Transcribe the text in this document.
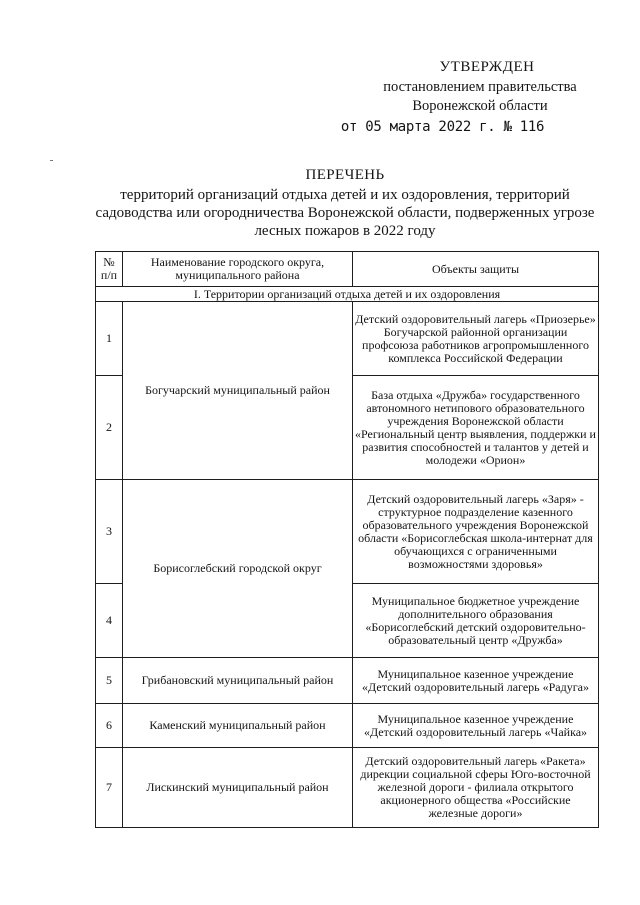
УТВЕРЖДЕН
постановлением правительства
Воронежской области
от 05 марта 2022 г. № 116
ПЕРЕЧЕНЬ
территорий организаций отдыха детей и их оздоровления, территорий садоводства или огородничества Воронежской области, подверженных угрозе лесных пожаров в 2022 году
№ п/п	Наименование городского округа, муниципального района	Объекты защиты
I. Территории организаций отдыха детей и их оздоровления		
1	Богучарский муниципальный район	Детский оздоровительный лагерь «Приозерье» Богучарской районной организации профсоюза работников агропромышленного комплекса Российской Федерации
2		База отдыха «Дружба» государственного автономного нетипового образовательного учреждения Воронежской области «Региональный центр выявления, поддержки и развития способностей и талантов у детей и молодежи «Орион»
3	Борисоглебский городской округ	Детский оздоровительный лагерь «Заря» - структурное подразделение казенного образовательного учреждения Воронежской области «Борисоглебская школа-интернат для обучающихся с ограниченными возможностями здоровья»
4		Муниципальное бюджетное учреждение дополнительного образования «Борисоглебский детский оздоровительно-образовательный центр «Дружба»
5	Грибановский муниципальный район	Муниципальное казенное учреждение «Детский оздоровительный лагерь «Радуга»
6	Каменский муниципальный район	Муниципальное казенное учреждение «Детский оздоровительный лагерь «Чайка»
7	Лискинский муниципальный район	Детский оздоровительный лагерь «Ракета» дирекции социальной сферы Юго-восточной железной дороги - филиала открытого акционерного общества «Российские железные дороги»
